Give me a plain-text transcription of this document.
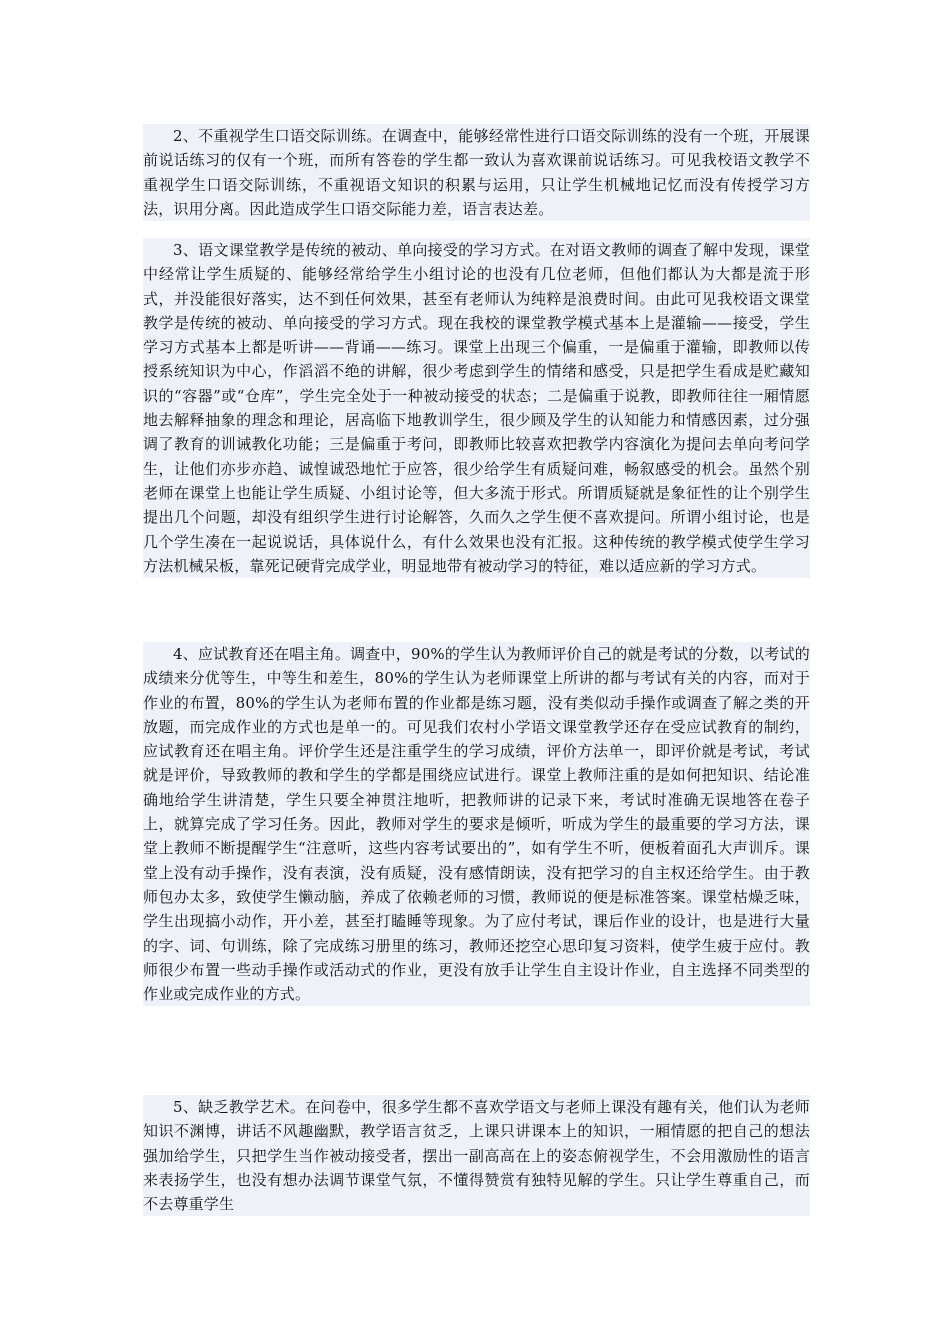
2、不重视学生口语交际训练。在调查中，能够经常性进行口语交际训练的没有一个班，开展课前说话练习的仅有一个班，而所有答卷的学生都一致认为喜欢课前说话练习。可见我校语文教学不重视学生口语交际训练，不重视语文知识的积累与运用，只让学生机械地记忆而没有传授学习方法，识用分离。因此造成学生口语交际能力差，语言表达差。

3、语文课堂教学是传统的被动、单向接受的学习方式。在对语文教师的调查了解中发现，课堂中经常让学生质疑的、能够经常给学生小组讨论的也没有几位老师，但他们都认为大都是流于形式，并没能很好落实，达不到任何效果，甚至有老师认为纯粹是浪费时间。由此可见我校语文课堂教学是传统的被动、单向接受的学习方式。现在我校的课堂教学模式基本上是灌输——接受，学生学习方式基本上都是听讲——背诵——练习。课堂上出现三个偏重，一是偏重于灌输，即教师以传授系统知识为中心，作滔滔不绝的讲解，很少考虑到学生的情绪和感受，只是把学生看成是贮藏知识的“容器”或“仓库”，学生完全处于一种被动接受的状态；二是偏重于说教，即教师往往一厢情愿地去解释抽象的理念和理论，居高临下地教训学生，很少顾及学生的认知能力和情感因素，过分强调了教育的训诫教化功能；三是偏重于考问，即教师比较喜欢把教学内容演化为提问去单向考问学生，让他们亦步亦趋、诚惶诚恐地忙于应答，很少给学生有质疑问难，畅叙感受的机会。虽然个别老师在课堂上也能让学生质疑、小组讨论等，但大多流于形式。所谓质疑就是象征性的让个别学生提出几个问题，却没有组织学生进行讨论解答，久而久之学生便不喜欢提问。所谓小组讨论，也是几个学生凑在一起说说话，具体说什么，有什么效果也没有汇报。这种传统的教学模式使学生学习方法机械呆板，靠死记硬背完成学业，明显地带有被动学习的特征，难以适应新的学习方式。

4、应试教育还在唱主角。调查中，90%的学生认为教师评价自己的就是考试的分数，以考试的成绩来分优等生，中等生和差生，80%的学生认为老师课堂上所讲的都与考试有关的内容，而对于作业的布置，80%的学生认为老师布置的作业都是练习题，没有类似动手操作或调查了解之类的开放题，而完成作业的方式也是单一的。可见我们农村小学语文课堂教学还存在受应试教育的制约，应试教育还在唱主角。评价学生还是注重学生的学习成绩，评价方法单一，即评价就是考试，考试就是评价，导致教师的教和学生的学都是围绕应试进行。课堂上教师注重的是如何把知识、结论准确地给学生讲清楚，学生只要全神贯注地听，把教师讲的记录下来，考试时准确无误地答在卷子上，就算完成了学习任务。因此，教师对学生的要求是倾听，听成为学生的最重要的学习方法，课堂上教师不断提醒学生“注意听，这些内容考试要出的”，如有学生不听，便板着面孔大声训斥。课堂上没有动手操作，没有表演，没有质疑，没有感情朗读，没有把学习的自主权还给学生。由于教师包办太多，致使学生懒动脑，养成了依赖老师的习惯，教师说的便是标准答案。课堂枯燥乏味，学生出现搞小动作，开小差，甚至打瞌睡等现象。为了应付考试，课后作业的设计，也是进行大量的字、词、句训练，除了完成练习册里的练习，教师还挖空心思印复习资料，使学生疲于应付。教师很少布置一些动手操作或活动式的作业，更没有放手让学生自主设计作业，自主选择不同类型的作业或完成作业的方式。

5、缺乏教学艺术。在问卷中，很多学生都不喜欢学语文与老师上课没有趣有关，他们认为老师知识不渊博，讲话不风趣幽默，教学语言贫乏，上课只讲课本上的知识，一厢情愿的把自己的想法强加给学生，只把学生当作被动接受者，摆出一副高高在上的姿态俯视学生，不会用激励性的语言来表扬学生，也没有想办法调节课堂气氛，不懂得赞赏有独特见解的学生。只让学生尊重自己，而不去尊重学生
